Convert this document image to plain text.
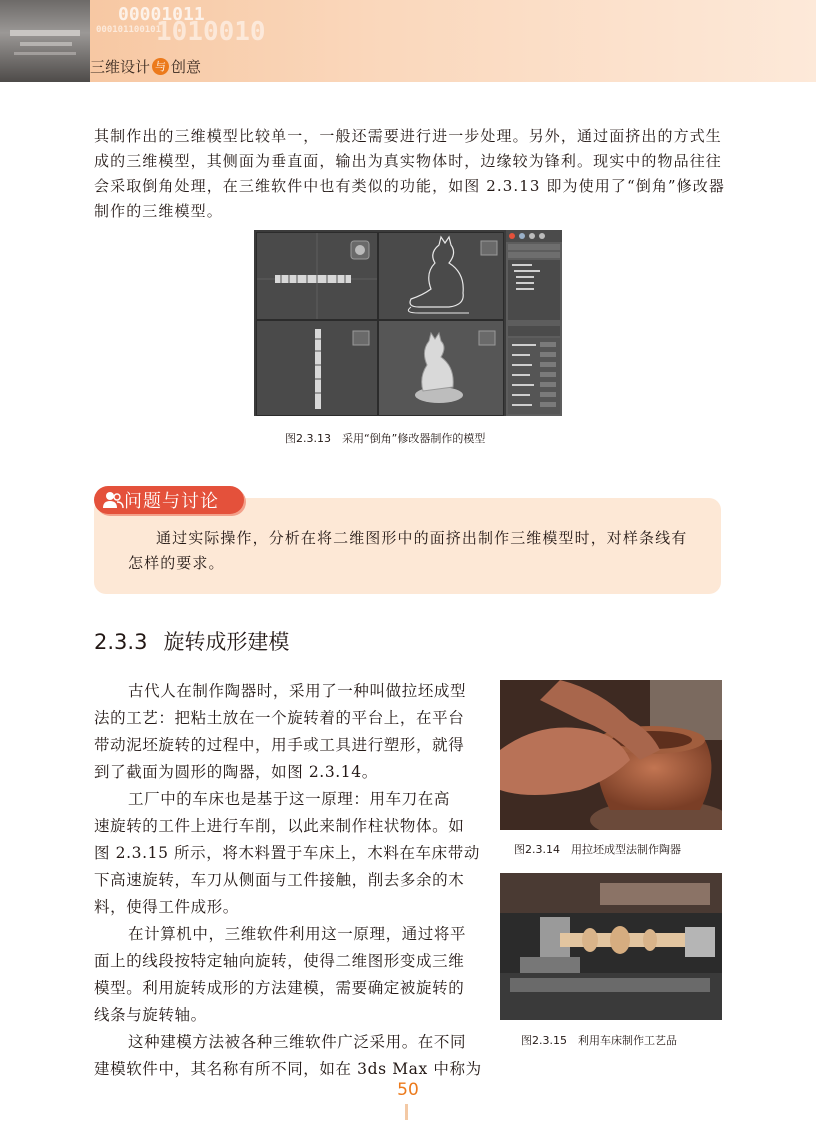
00001011
000101100101
1010010
三维设计 与 创意
其制作出的三维模型比较单一，一般还需要进行进一步处理。另外，通过面挤出的方式生
成的三维模型，其侧面为垂直面，输出为真实物体时，边缘较为锋利。现实中的物品往往
会采取倒角处理，在三维软件中也有类似的功能，如图 2.3.13 即为使用了“倒角”修改器
制作的三维模型。
图2.3.13　采用“倒角”修改器制作的模型
问题与讨论
通过实际操作，分析在将二维图形中的面挤出制作三维模型时，对样条线有
怎样的要求。
2.3.3 旋转成形建模
古代人在制作陶器时，采用了一种叫做拉坯成型
法的工艺：把粘土放在一个旋转着的平台上，在平台
带动泥坯旋转的过程中，用手或工具进行塑形，就得
到了截面为圆形的陶器，如图 2.3.14。
工厂中的车床也是基于这一原理：用车刀在高
速旋转的工件上进行车削，以此来制作柱状物体。如
图 2.3.15 所示，将木料置于车床上，木料在车床带动
下高速旋转，车刀从侧面与工件接触，削去多余的木
料，使得工件成形。
在计算机中，三维软件利用这一原理，通过将平
面上的线段按特定轴向旋转，使得二维图形变成三维
模型。利用旋转成形的方法建模，需要确定被旋转的
线条与旋转轴。
这种建模方法被各种三维软件广泛采用。在不同
建模软件中，其名称有所不同，如在 3ds Max 中称为
图2.3.14　用拉坯成型法制作陶器
图2.3.15　利用车床制作工艺品
50
